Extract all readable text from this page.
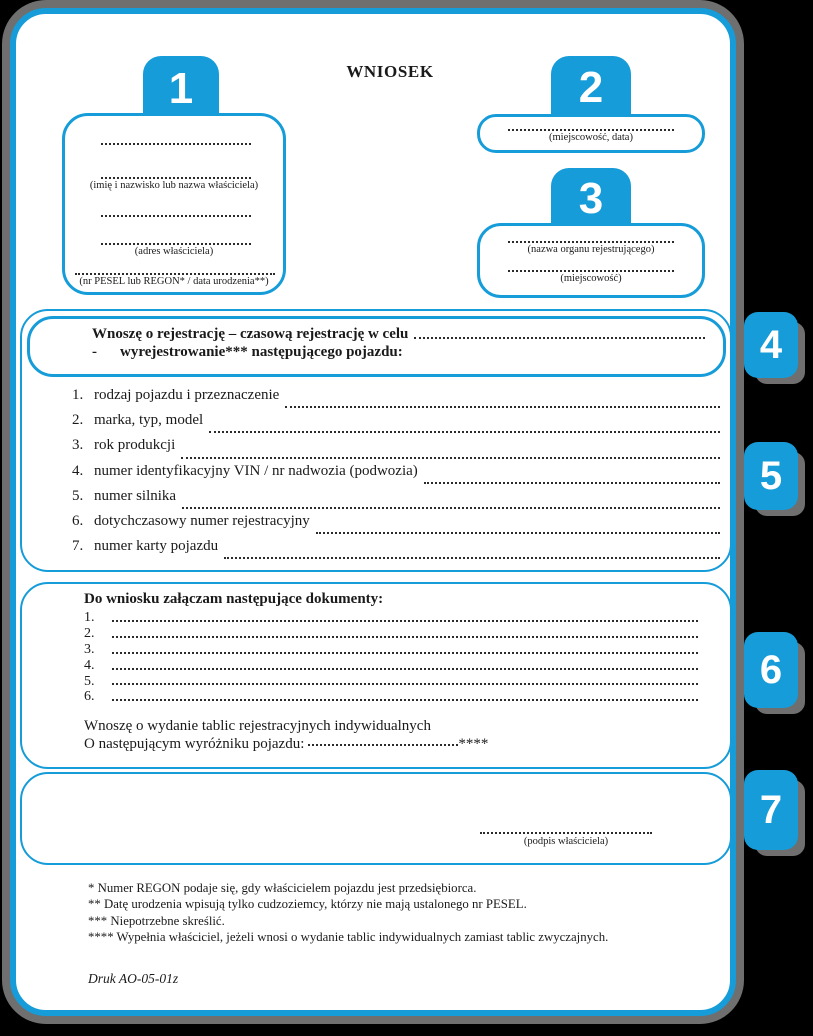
WNIOSEK
1	2
3
4
5
6
7
(imię i nazwisko lub nazwa właściciela)
(adres właściciela)
(nr PESEL lub REGON* / data urodzenia**)
(miejscowość, data)
(nazwa organu rejestrującego)
(miejscowość)
Wnoszę o rejestrację – czasową rejestrację w celu
-	wyrejestrowanie*** następującego pojazdu:
1. rodzaj pojazdu i przeznaczenie
2. marka, typ, model
3. rok produkcji
4. numer identyfikacyjny VIN / nr nadwozia (podwozia)
5. numer silnika
6. dotychczasowy numer rejestracyjny
7. numer karty pojazdu
Do wniosku załączam następujące dokumenty:
1.
2.
3.
4.
5.
6.
Wnoszę o wydanie tablic rejestracyjnych indywidualnych
O następującym wyróżniku pojazdu:	****
(podpis właściciela)
* Numer REGON podaje się, gdy właścicielem pojazdu jest przedsiębiorca.
** Datę urodzenia wpisują tylko cudzoziemcy, którzy nie mają ustalonego nr PESEL.
*** Niepotrzebne skreślić.
**** Wypełnia właściciel, jeżeli wnosi o wydanie tablic indywidualnych zamiast tablic zwyczajnych.
Druk AO-05-01z
